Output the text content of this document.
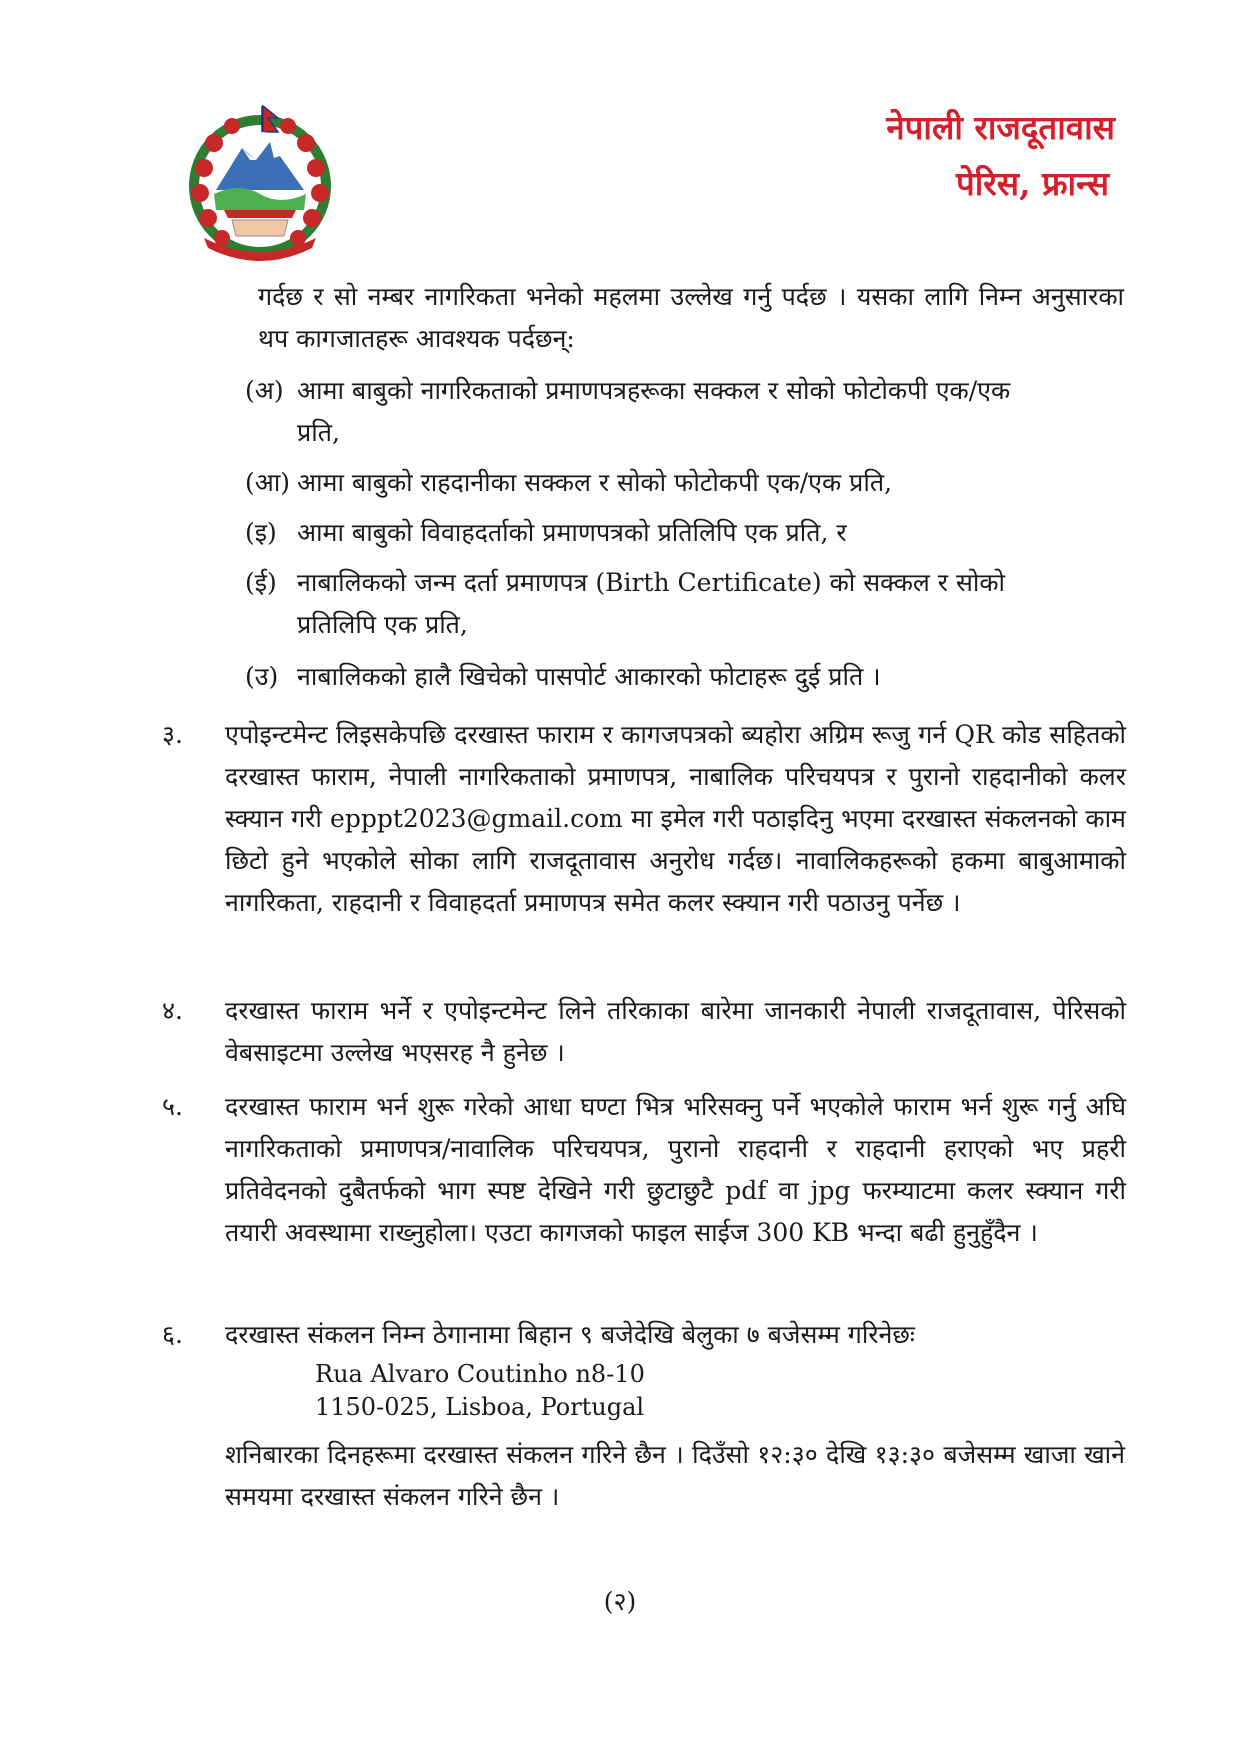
नेपाली राजदूतावास
पेरिस, फ्रान्स
गर्दछ र सो नम्बर नागरिकता भनेको महलमा उल्लेख गर्नु पर्दछ । यसका लागि निम्न अनुसारका थप कागजातहरू आवश्यक पर्दछन्:
(अ) आमा बाबुको नागरिकताको प्रमाणपत्रहरूका सक्कल र सोको फोटोकपी एक/एक
प्रति,
(आ) आमा बाबुको राहदानीका सक्कल र सोको फोटोकपी एक/एक प्रति,
(इ) आमा बाबुको विवाहदर्ताको प्रमाणपत्रको प्रतिलिपि एक प्रति, र
(ई) नाबालिकको जन्म दर्ता प्रमाणपत्र (Birth Certificate) को सक्कल र सोको
प्रतिलिपि एक प्रति,
(उ) नाबालिकको हालै खिचेको पासपोर्ट आकारको फोटाहरू दुई प्रति ।
३.	एपोइन्टमेन्ट लिइसकेपछि दरखास्त फाराम र कागजपत्रको ब्यहोरा अग्रिम रूजु गर्न QR कोड सहितको दरखास्त फाराम, नेपाली नागरिकताको प्रमाणपत्र, नाबालिक परिचयपत्र र पुरानो राहदानीको कलर स्क्यान गरी epppt2023@gmail.com मा इमेल गरी पठाइदिनु भएमा दरखास्त संकलनको काम छिटो हुने भएकोले सोका लागि राजदूतावास अनुरोध गर्दछ। नावालिकहरूको हकमा बाबुआमाको नागरिकता, राहदानी र विवाहदर्ता प्रमाणपत्र समेत कलर स्क्यान गरी पठाउनु पर्नेछ ।
४.	दरखास्त फाराम भर्ने र एपोइन्टमेन्ट लिने तरिकाका बारेमा जानकारी नेपाली राजदूतावास, पेरिसको वेबसाइटमा उल्लेख भएसरह नै हुनेछ ।
५.	दरखास्त फाराम भर्न शुरू गरेको आधा घण्टा भित्र भरिसक्नु पर्ने भएकोले फाराम भर्न शुरू गर्नु अघि नागरिकताको प्रमाणपत्र/नावालिक परिचयपत्र, पुरानो राहदानी र राहदानी हराएको भए प्रहरी प्रतिवेदनको दुबैतर्फको भाग स्पष्ट देखिने गरी छुटाछुटै pdf वा jpg फरम्याटमा कलर स्क्यान गरी तयारी अवस्थामा राख्नुहोला। एउटा कागजको फाइल साईज 300 KB भन्दा बढी हुनुहुँदैन ।
६.	दरखास्त संकलन निम्न ठेगानामा बिहान ९ बजेदेखि बेलुका ७ बजेसम्म गरिनेछः
Rua Alvaro Coutinho n8-10
1150-025, Lisboa, Portugal
शनिबारका दिनहरूमा दरखास्त संकलन गरिने छैन । दिउँसो १२:३० देखि १३:३० बजेसम्म खाजा खाने समयमा दरखास्त संकलन गरिने छैन ।
(२)
